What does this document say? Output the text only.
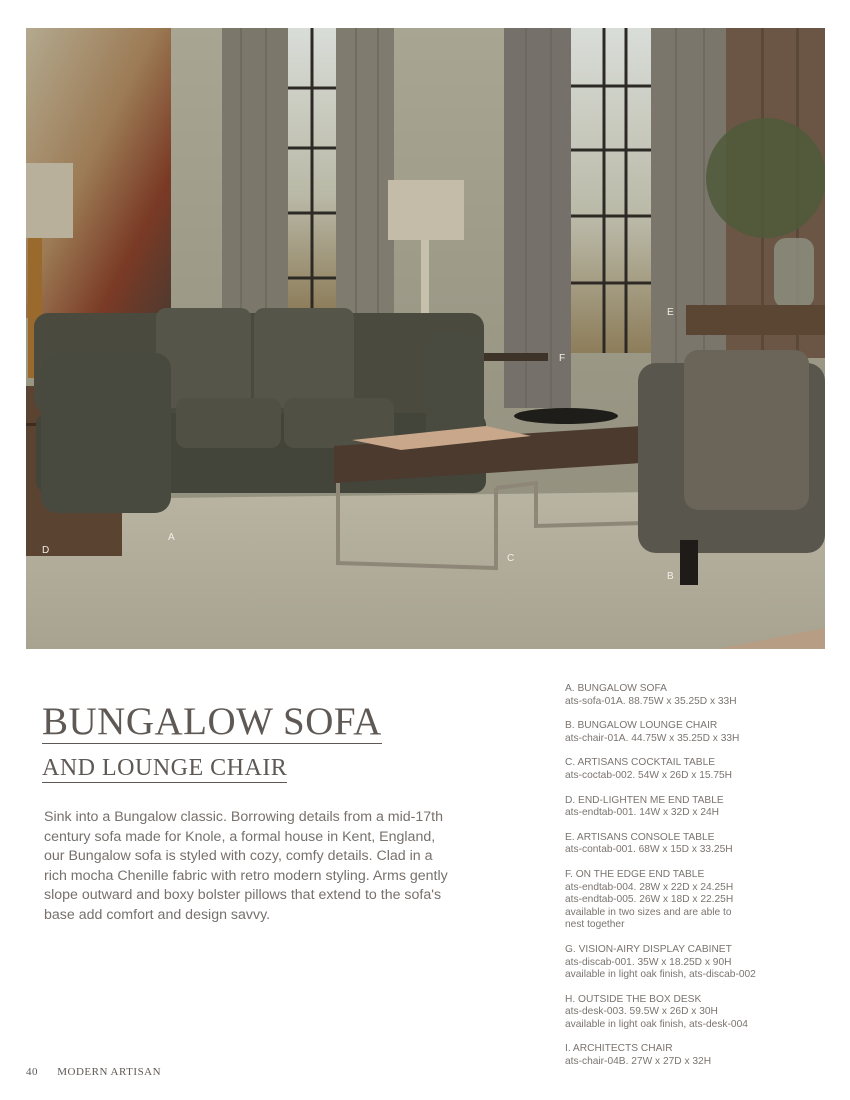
A
B
C
D
E
F
BUNGALOW SOFA
AND LOUNGE CHAIR

Sink into a Bungalow classic. Borrowing details from a mid-17th century sofa made for Knole, a formal house in Kent, England, our Bungalow sofa is styled with cozy, comfy details. Clad in a rich mocha Chenille fabric with retro modern styling. Arms gently slope outward and boxy bolster pillows that extend to the sofa's base add comfort and design savvy.

A. BUNGALOW SOFA
ats-sofa-01A. 88.75W x 35.25D x 33H
B. BUNGALOW LOUNGE CHAIR
ats-chair-01A. 44.75W x 35.25D x 33H
C. ARTISANS COCKTAIL TABLE
ats-coctab-002. 54W x 26D x 15.75H
D. END-LIGHTEN ME END TABLE
ats-endtab-001. 14W x 32D x 24H
E. ARTISANS CONSOLE TABLE
ats-contab-001. 68W x 15D x 33.25H
F. ON THE EDGE END TABLE
ats-endtab-004. 28W x 22D x 24.25H
ats-endtab-005. 26W x 18D x 22.25H
available in two sizes and are able to
nest together
G. VISION-AIRY DISPLAY CABINET
ats-discab-001. 35W x 18.25D x 90H
available in light oak finish, ats-discab-002
H. OUTSIDE THE BOX DESK
ats-desk-003. 59.5W x 26D x 30H
available in light oak finish, ats-desk-004
I. ARCHITECTS CHAIR
ats-chair-04B. 27W x 27D x 32H
40 MODERN ARTISAN
